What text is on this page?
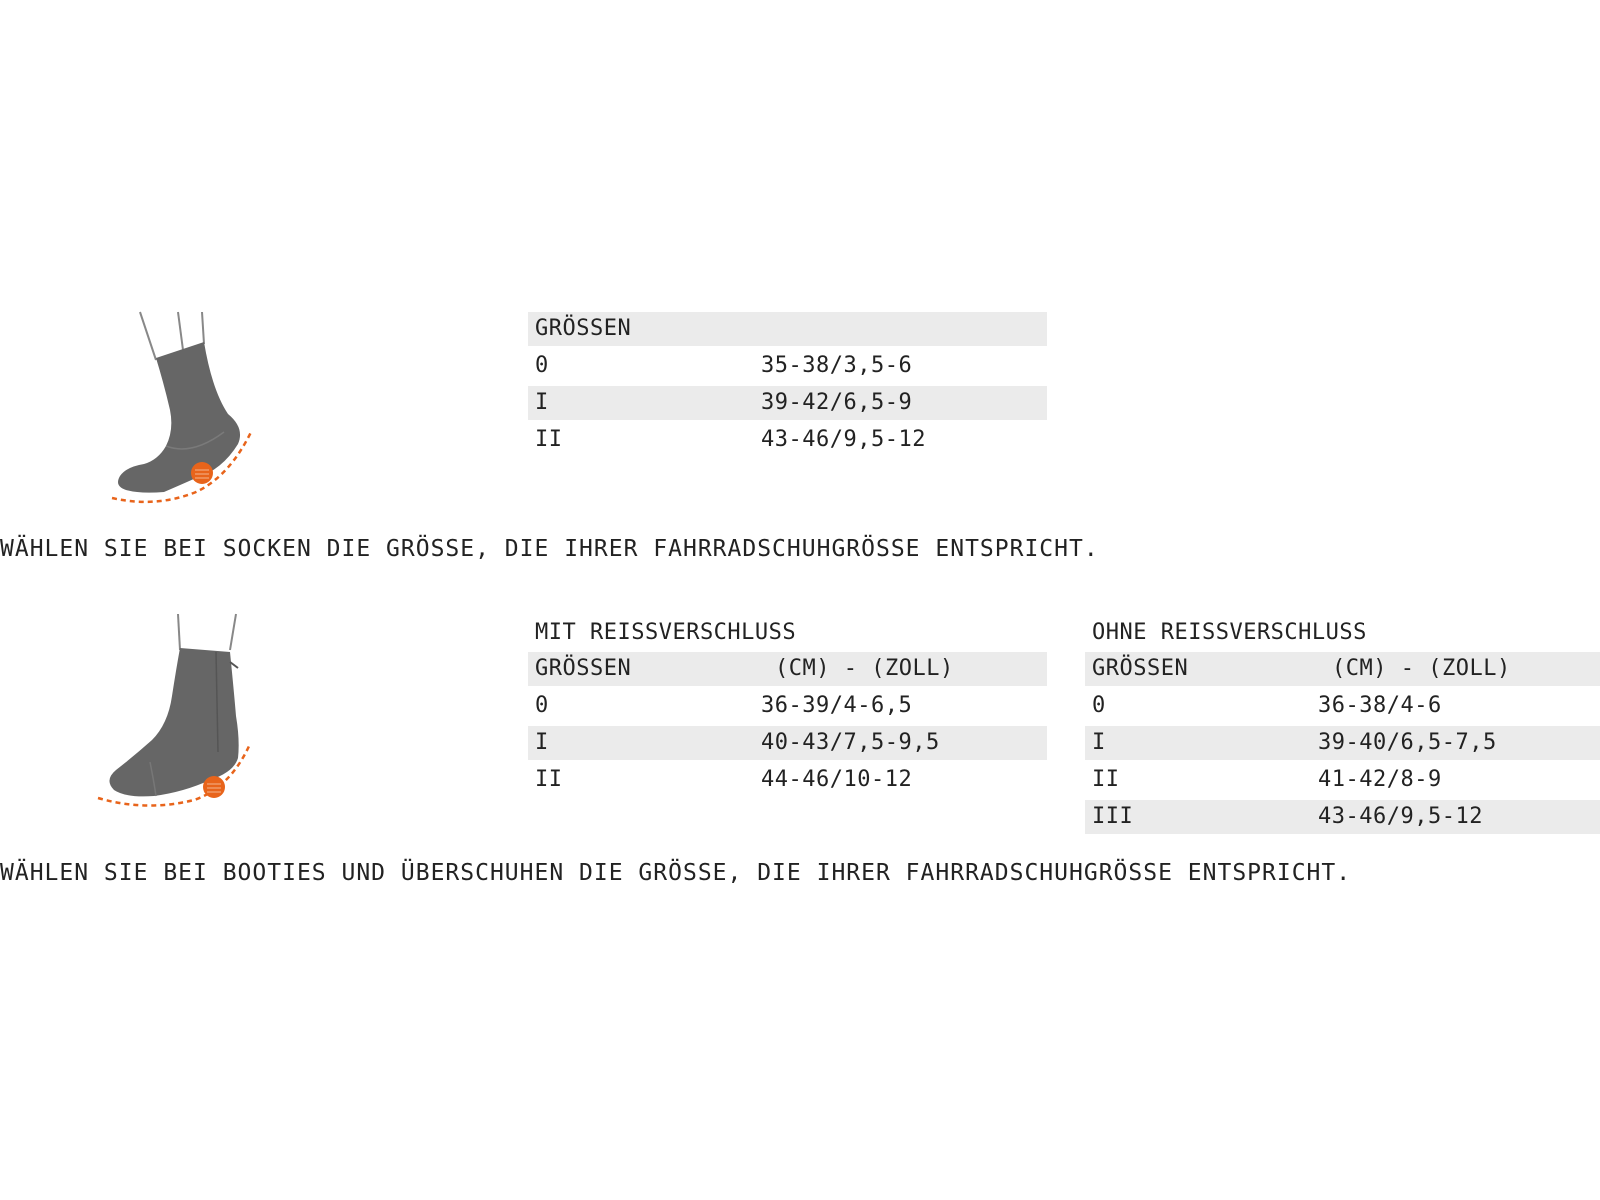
GRÖSSEN
0	35-38/3,5-6
I	39-42/6,5-9
II	43-46/9,5-12
WÄHLEN SIE BEI SOCKEN DIE GRÖSSE, DIE IHRER FAHRRADSCHUHGRÖSSE ENTSPRICHT.
MIT REISSVERSCHLUSS
GRÖSSEN	(CM) - (ZOLL)
0	36-39/4-6,5
I	40-43/7,5-9,5
II	44-46/10-12
OHNE REISSVERSCHLUSS
GRÖSSEN	(CM) - (ZOLL)
0	36-38/4-6
I	39-40/6,5-7,5
II	41-42/8-9
III	43-46/9,5-12
WÄHLEN SIE BEI BOOTIES UND ÜBERSCHUHEN DIE GRÖSSE, DIE IHRER FAHRRADSCHUHGRÖSSE ENTSPRICHT.
